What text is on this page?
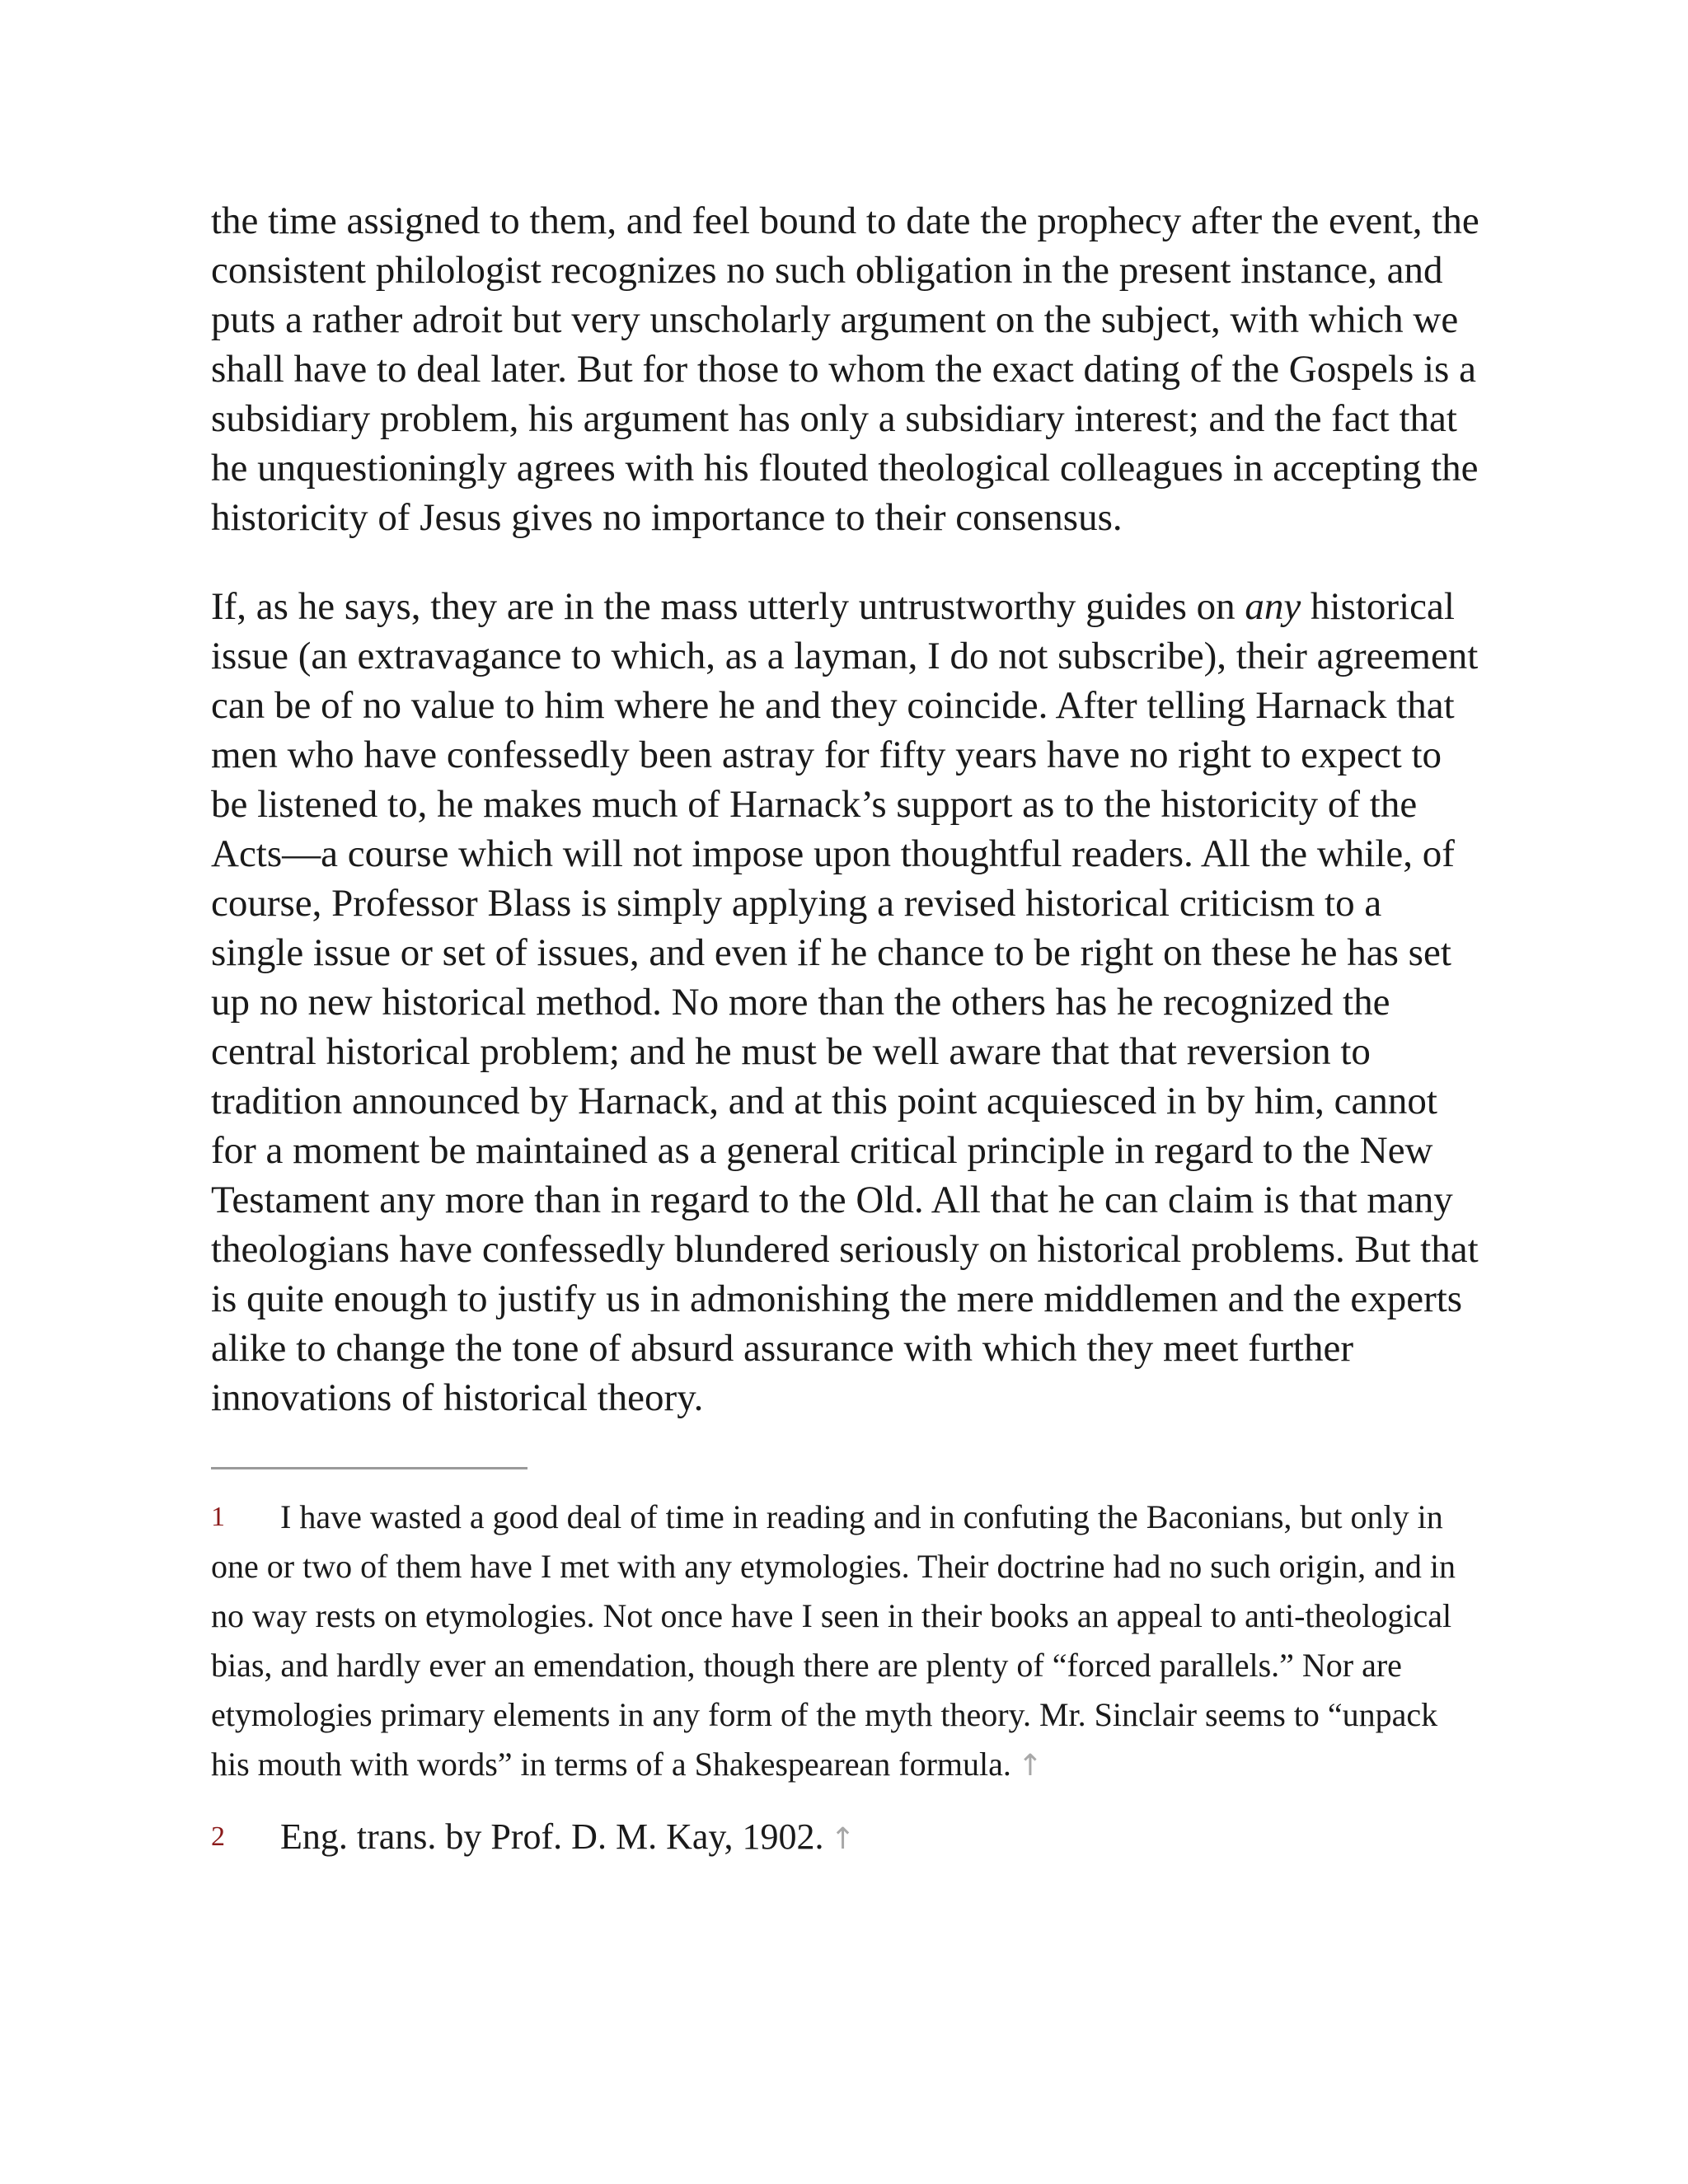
the time assigned to them, and feel bound to date the prophecy after the event, the consistent philologist recognizes no such obligation in the present instance, and puts a rather adroit but very unscholarly argument on the subject, with which we shall have to deal later. But for those to whom the exact dating of the Gospels is a subsidiary problem, his argument has only a subsidiary interest; and the fact that he unquestioningly agrees with his flouted theological colleagues in accepting the historicity of Jesus gives no importance to their consensus.

If, as he says, they are in the mass utterly untrustworthy guides on any historical issue (an extravagance to which, as a layman, I do not subscribe), their agreement can be of no value to him where he and they coincide. After telling Harnack that men who have confessedly been astray for fifty years have no right to expect to be listened to, he makes much of Harnack’s support as to the historicity of the Acts—a course which will not impose upon thoughtful readers. All the while, of course, Professor Blass is simply applying a revised historical criticism to a single issue or set of issues, and even if he chance to be right on these he has set up no new historical method. No more than the others has he recognized the central historical problem; and he must be well aware that that reversion to tradition announced by Harnack, and at this point acquiesced in by him, cannot for a moment be maintained as a general critical principle in regard to the New Testament any more than in regard to the Old. All that he can claim is that many theologians have confessedly blundered seriously on historical problems. But that is quite enough to justify us in admonishing the mere middlemen and the experts alike to change the tone of absurd assurance with which they meet further innovations of historical theory.

1 I have wasted a good deal of time in reading and in confuting the Baconians, but only in one or two of them have I met with any etymologies. Their doctrine had no such origin, and in no way rests on etymologies. Not once have I seen in their books an appeal to anti-theological bias, and hardly ever an emendation, though there are plenty of “forced parallels.” Nor are etymologies primary elements in any form of the myth theory. Mr. Sinclair seems to “unpack his mouth with words” in terms of a Shakespearean formula. ↑

2 Eng. trans. by Prof. D. M. Kay, 1902. ↑
